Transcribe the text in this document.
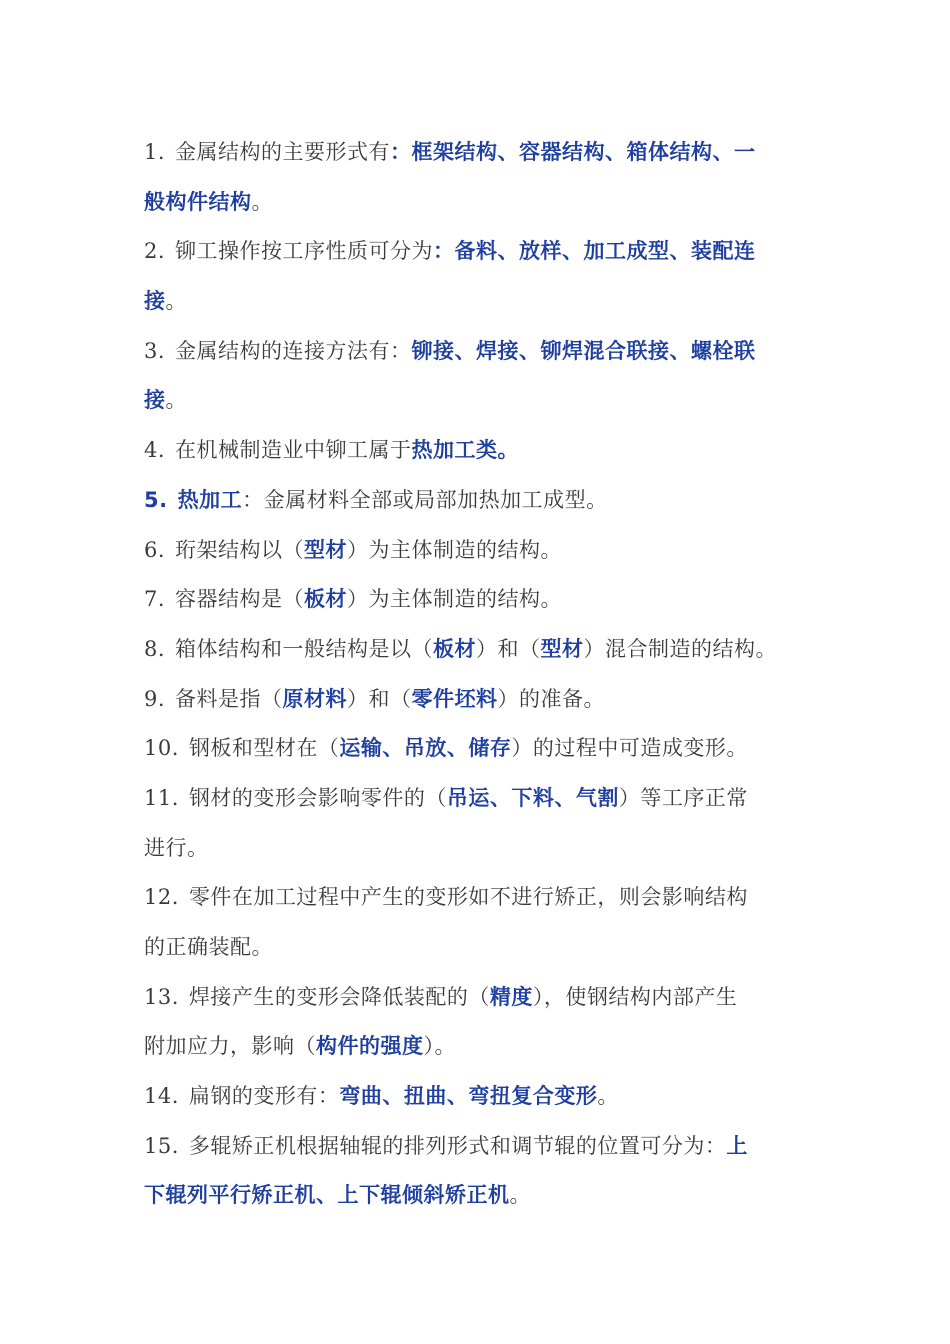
1. 金属结构的主要形式有：框架结构、容器结构、箱体结构、一
般构件结构。
2. 铆工操作按工序性质可分为：备料、放样、加工成型、装配连
接。
3. 金属结构的连接方法有：铆接、焊接、铆焊混合联接、螺栓联
接。
4. 在机械制造业中铆工属于热加工类。
5. 热加工：金属材料全部或局部加热加工成型。
6. 珩架结构以（型材）为主体制造的结构。
7. 容器结构是（板材）为主体制造的结构。
8. 箱体结构和一般结构是以（板材）和（型材）混合制造的结构。
9. 备料是指（原材料）和（零件坯料）的准备。
10. 钢板和型材在（运输、吊放、储存）的过程中可造成变形。
11. 钢材的变形会影响零件的（吊运、下料、气割）等工序正常
进行。
12. 零件在加工过程中产生的变形如不进行矫正，则会影响结构
的正确装配。
13. 焊接产生的变形会降低装配的（精度），使钢结构内部产生
附加应力，影响（构件的强度）。
14. 扁钢的变形有：弯曲、扭曲、弯扭复合变形。
15. 多辊矫正机根据轴辊的排列形式和调节辊的位置可分为：上
下辊列平行矫正机、上下辊倾斜矫正机。
